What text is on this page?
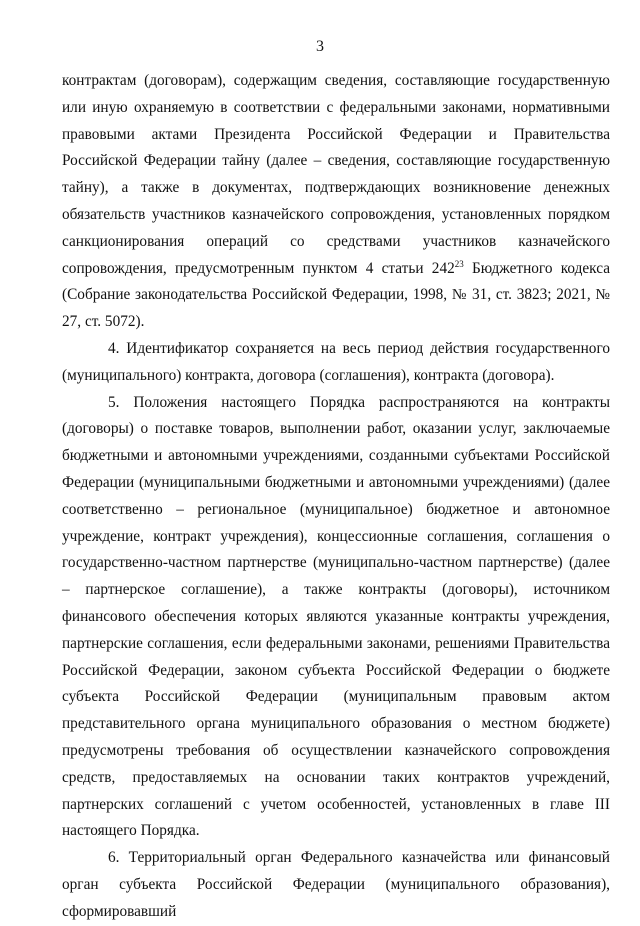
3

контрактам (договорам), содержащим сведения, составляющие государственную или иную охраняемую в соответствии с федеральными законами, нормативными правовыми актами Президента Российской Федерации и Правительства Российской Федерации тайну (далее – сведения, составляющие государственную тайну), а также в документах, подтверждающих возникновение денежных обязательств участников казначейского сопровождения, установленных порядком санкционирования операций со средствами участников казначейского сопровождения, предусмотренным пунктом 4 статьи $242^{23}$ Бюджетного кодекса (Собрание законодательства Российской Федерации, 1998, № 31, ст. 3823; 2021, № 27, ст. 5072).

4. Идентификатор сохраняется на весь период действия государственного (муниципального) контракта, договора (соглашения), контракта (договора).

5. Положения настоящего Порядка распространяются на контракты (договоры) о поставке товаров, выполнении работ, оказании услуг, заключаемые бюджетными и автономными учреждениями, созданными субъектами Российской Федерации (муниципальными бюджетными и автономными учреждениями) (далее соответственно – региональное (муниципальное) бюджетное и автономное учреждение, контракт учреждения), концессионные соглашения, соглашения о государственно-частном партнерстве (муниципально-частном партнерстве) (далее – партнерское соглашение), а также контракты (договоры), источником финансового обеспечения которых являются указанные контракты учреждения, партнерские соглашения, если федеральными законами, решениями Правительства Российской Федерации, законом субъекта Российской Федерации о бюджете субъекта Российской Федерации (муниципальным правовым актом представительного органа муниципального образования о местном бюджете) предусмотрены требования об осуществлении казначейского сопровождения средств, предоставляемых на основании таких контрактов учреждений, партнерских соглашений с учетом особенностей, установленных в главе III настоящего Порядка.

6. Территориальный орган Федерального казначейства или финансовый орган субъекта Российской Федерации (муниципального образования), сформировавший
